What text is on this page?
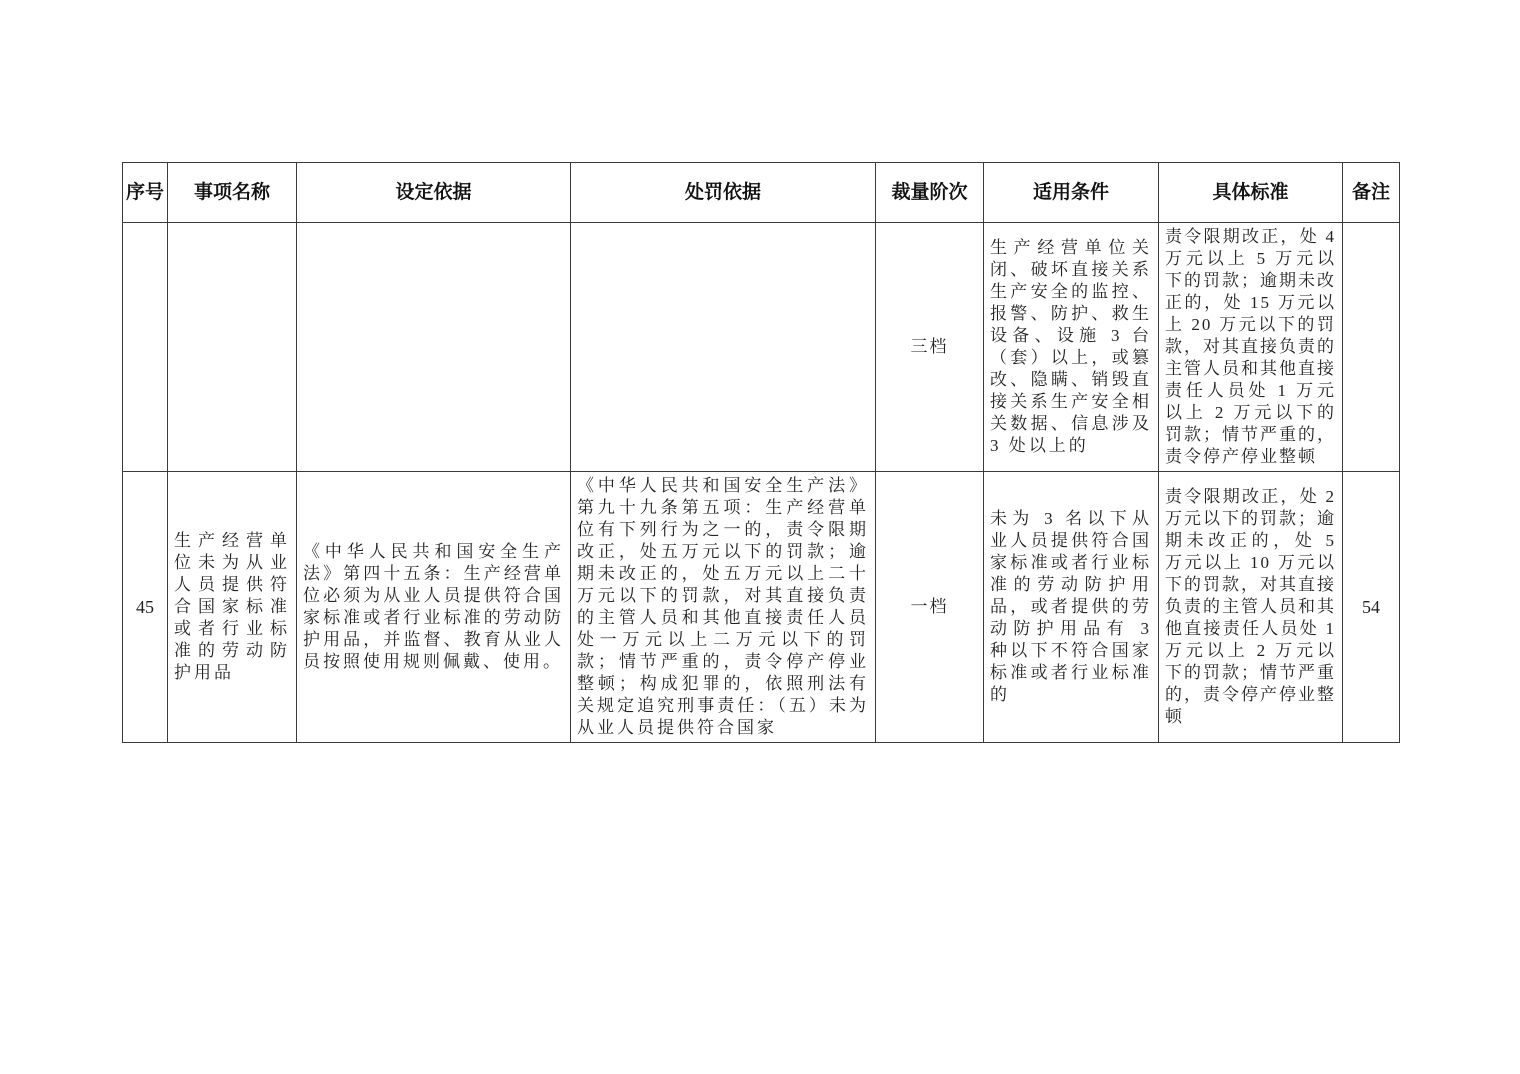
序号	事项名称	设定依据	处罚依据	裁量阶次	适用条件	具体标准	备注
				三档	生产经营单位关闭、破坏直接关系生产安全的监控、报警、防护、救生设备、设施 3 台（套）以上，或篡改、隐瞒、销毁直接关系生产安全相关数据、信息涉及 3 处以上的	责令限期改正，处 4 万元以上 5 万元以下的罚款；逾期未改正的，处 15 万元以上 20 万元以下的罚款，对其直接负责的主管人员和其他直接责任人员处 1 万元以上 2 万元以下的罚款；情节严重的，责令停产停业整顿	
45	生产经营单位未为从业人员提供符合国家标准或者行业标准的劳动防护用品	《中华人民共和国安全生产法》第四十五条：生产经营单位必须为从业人员提供符合国家标准或者行业标准的劳动防护用品，并监督、教育从业人员按照使用规则佩戴、使用。	《中华人民共和国安全生产法》第九十九条第五项：生产经营单位有下列行为之一的，责令限期改正，处五万元以下的罚款；逾期未改正的，处五万元以上二十万元以下的罚款，对其直接负责的主管人员和其他直接责任人员处一万元以上二万元以下的罚款；情节严重的，责令停产停业整顿；构成犯罪的，依照刑法有关规定追究刑事责任：（五）未为从业人员提供符合国家	一档	未为 3 名以下从业人员提供符合国家标准或者行业标准的劳动防护用品，或者提供的劳动防护用品有 3 种以下不符合国家标准或者行业标准的	责令限期改正，处 2 万元以下的罚款；逾期未改正的，处 5 万元以上 10 万元以下的罚款，对其直接负责的主管人员和其他直接责任人员处 1 万元以上 2 万元以下的罚款；情节严重的，责令停产停业整顿	54
